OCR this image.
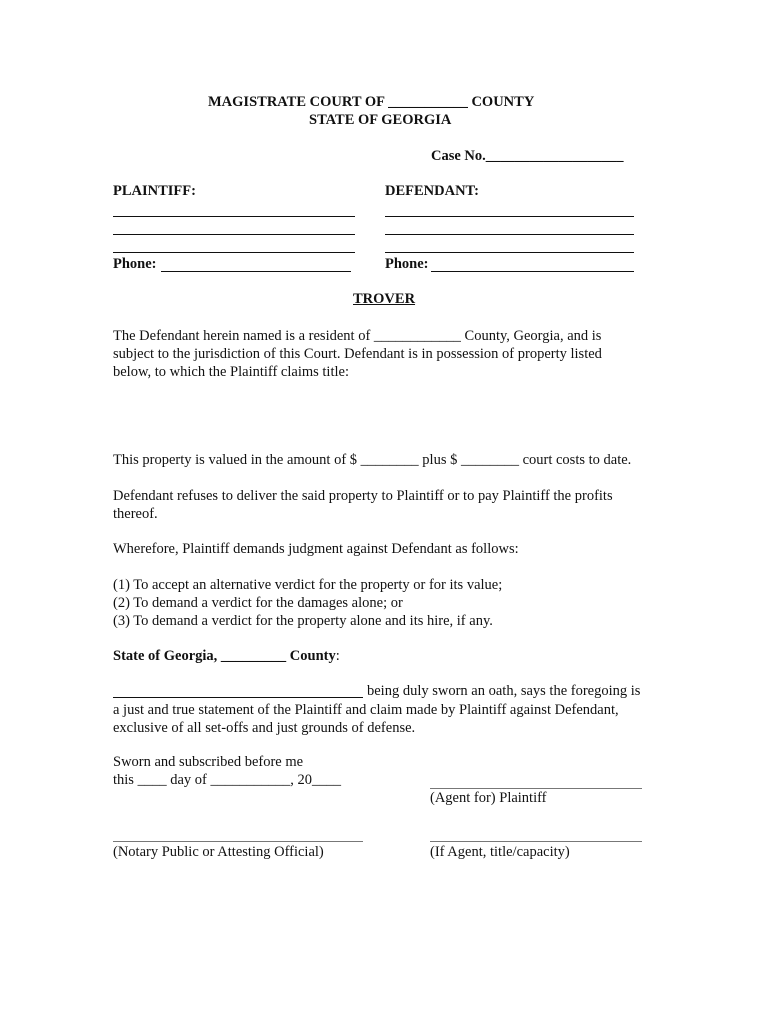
MAGISTRATE COURT OF ___________ COUNTY
STATE OF GEORGIA
Case No.___________________
PLAINTIFF:	DEFENDANT:
Phone:	Phone:
TROVER

The Defendant herein named is a resident of ____________ County, Georgia, and is

subject to the jurisdiction of this Court. Defendant is in possession of property listed

below, to which the Plaintiff claims title:

This property is valued in the amount of $ ________ plus $ ________ court costs to date.

Defendant refuses to deliver the said property to Plaintiff or to pay Plaintiff the profits

thereof.

Wherefore, Plaintiff demands judgment against Defendant as follows:

(1) To accept an alternative verdict for the property or for its value;

(2) To demand a verdict for the damages alone; or

(3) To demand a verdict for the property alone and its hire, if any.

State of Georgia, _________ County:
being duly sworn an oath, says the foregoing is

a just and true statement of the Plaintiff and claim made by Plaintiff against Defendant,

exclusive of all set-offs and just grounds of defense.

Sworn and subscribed before me
this ____ day of ___________, 20____
(Agent for) Plaintiff
(Notary Public or Attesting Official)	(If Agent, title/capacity)
